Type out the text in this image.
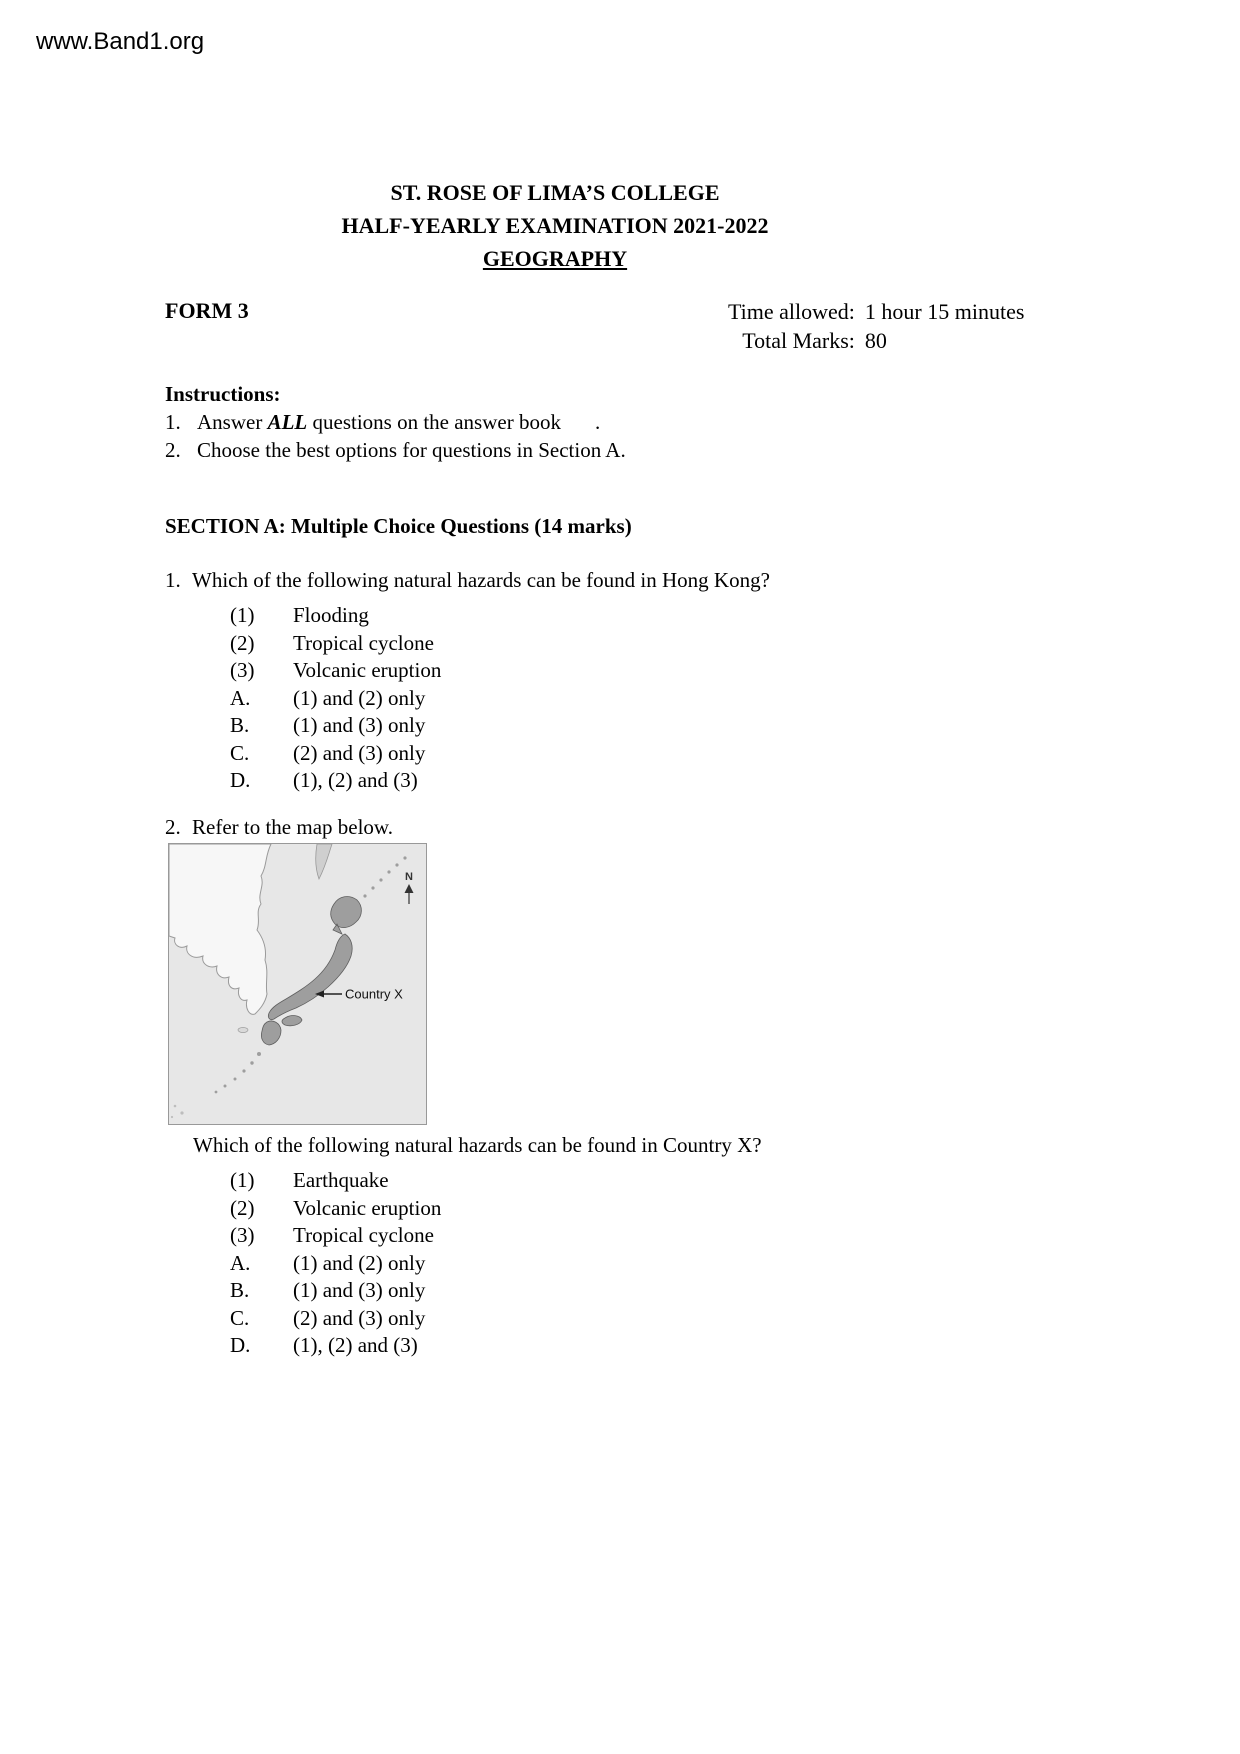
www.Band1.org
ST. ROSE OF LIMA’S COLLEGE
HALF-YEARLY EXAMINATION 2021-2022
GEOGRAPHY
FORM 3	Time allowed: 1 hour 15 minutes
Total Marks: 80
Instructions:
1. Answer ALL questions on the answer book .
2. Choose the best options for questions in Section A.
SECTION A: Multiple Choice Questions (14 marks)
1. Which of the following natural hazards can be found in Hong Kong?
(1)	Flooding
(2)	Tropical cyclone
(3)	Volcanic eruption
A.	(1) and (2) only
B.	(1) and (3) only
C.	(2) and (3) only
D.	(1), (2) and (3)
2. Refer to the map below.
Country X
N
Which of the following natural hazards can be found in Country X?
(1)	Earthquake
(2)	Volcanic eruption
(3)	Tropical cyclone
A.	(1) and (2) only
B.	(1) and (3) only
C.	(2) and (3) only
D.	(1), (2) and (3)
